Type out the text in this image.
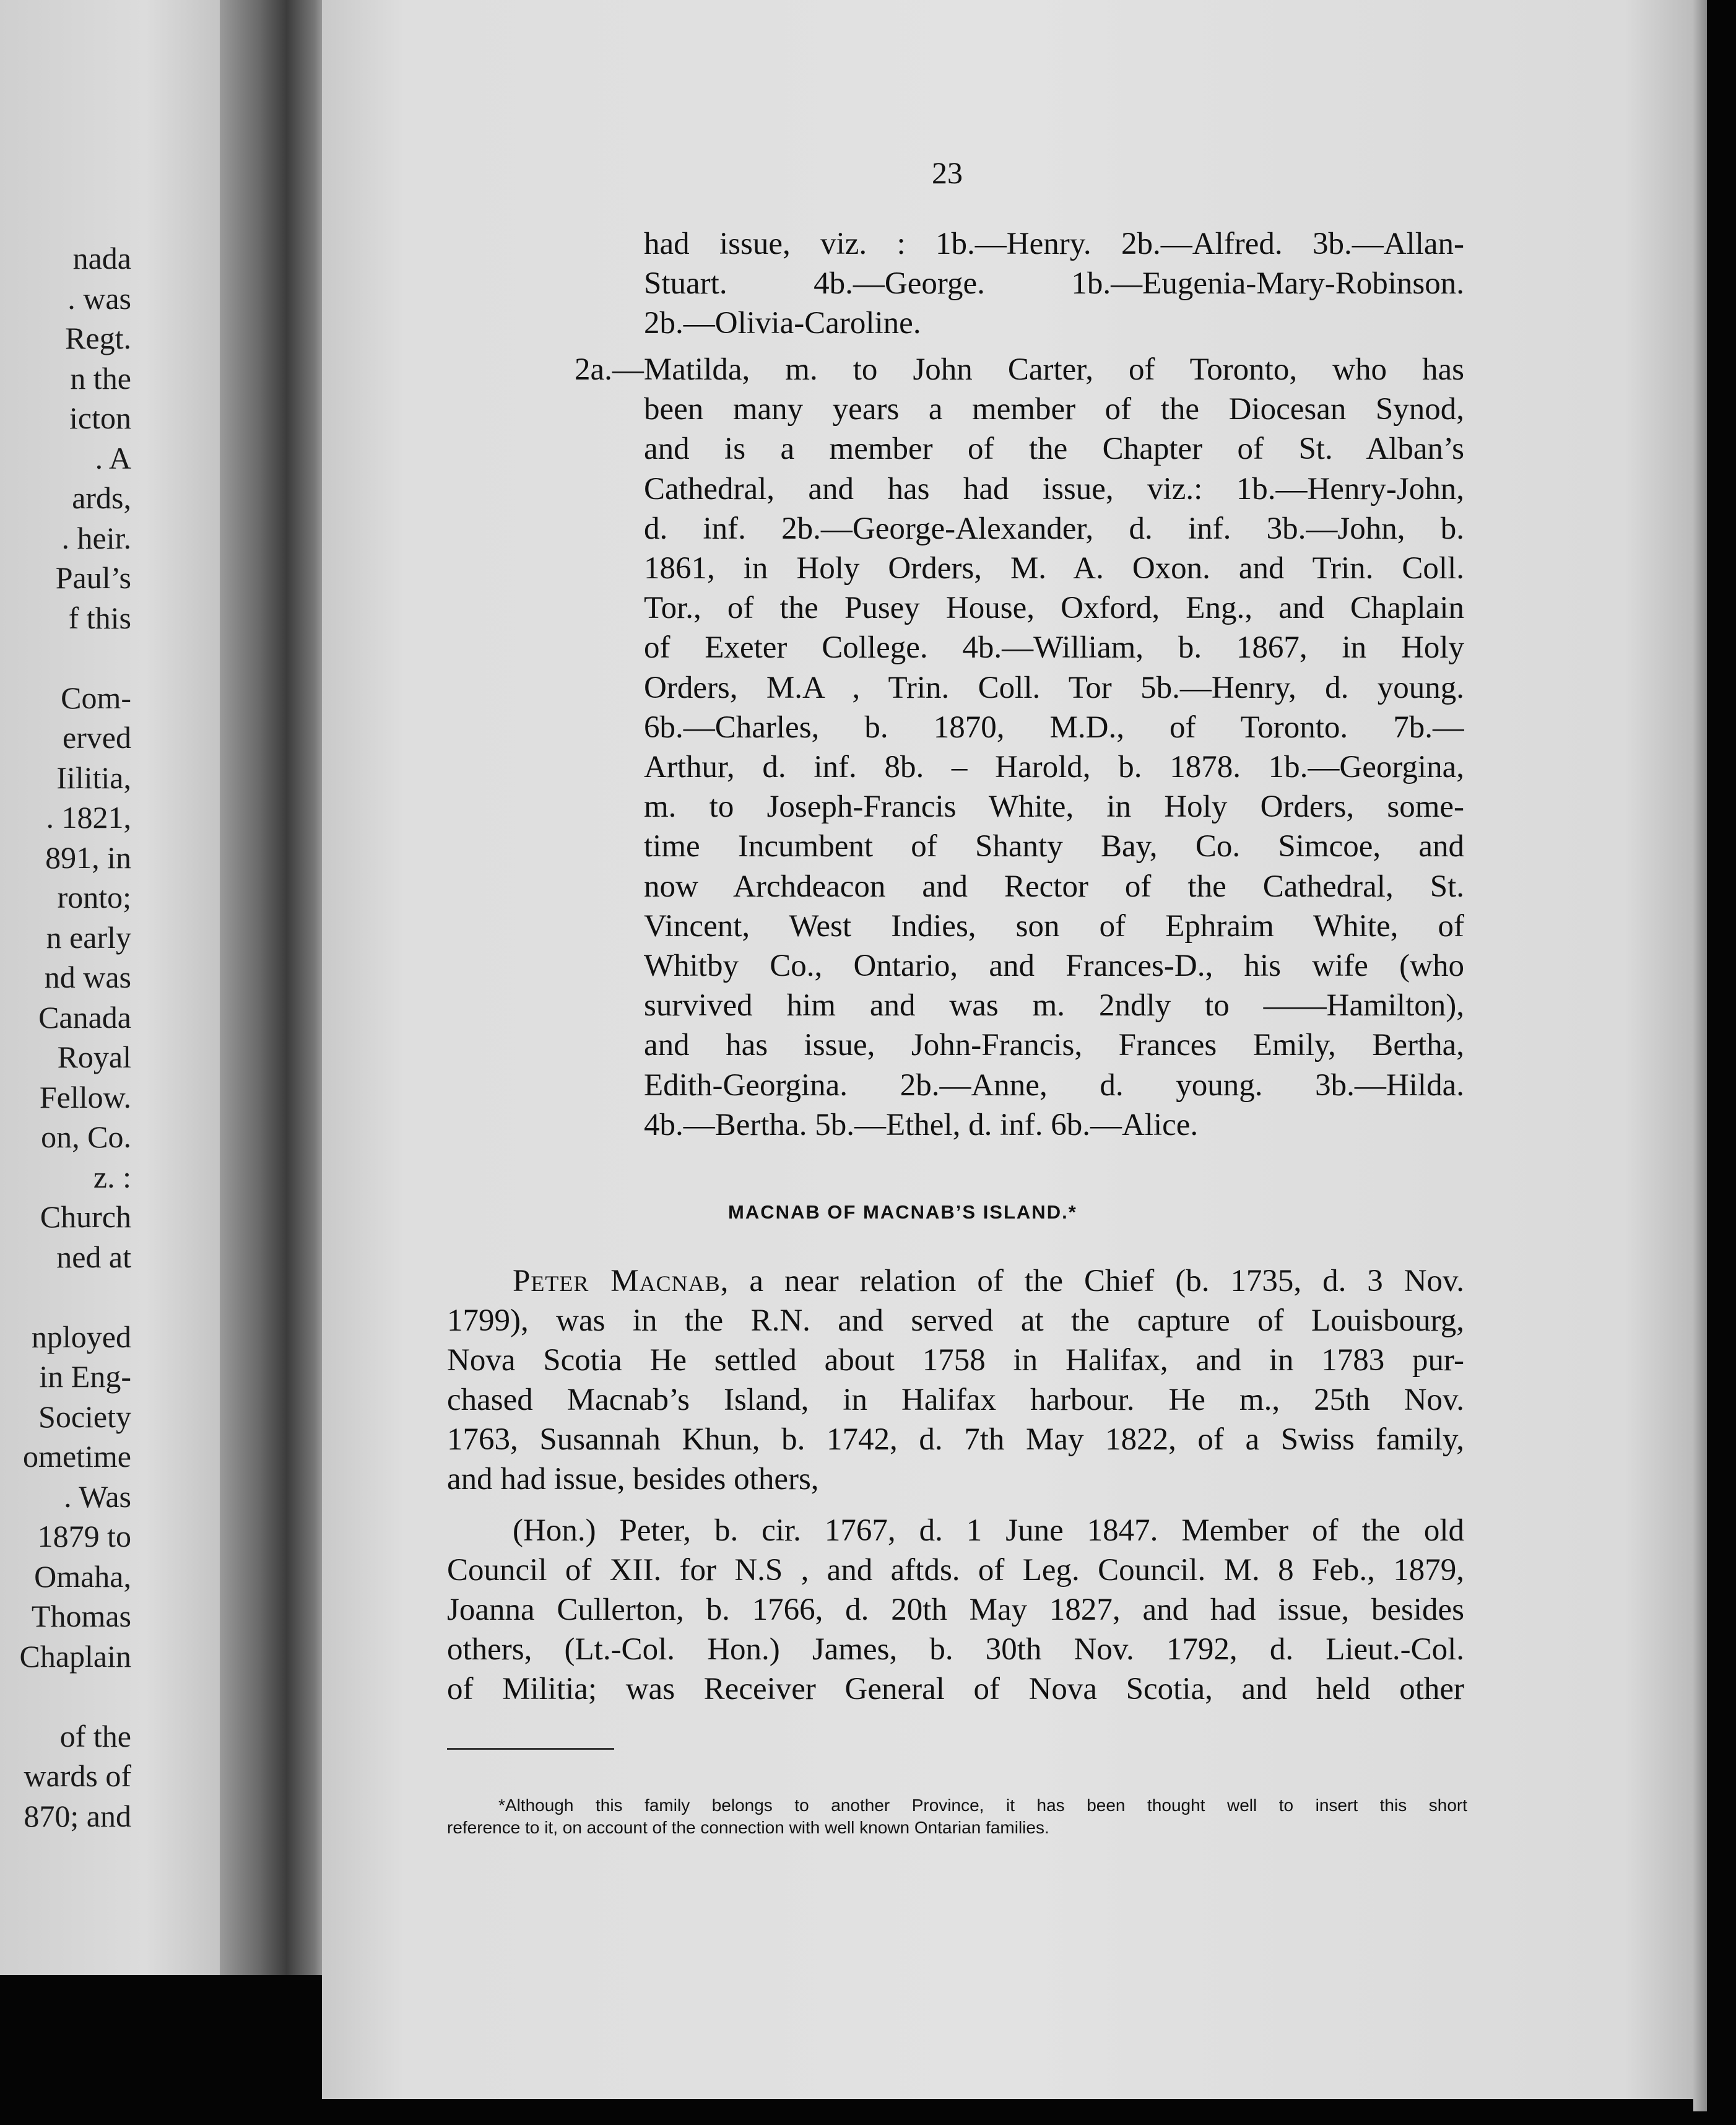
nada
. was
Regt.
n the
icton
. A
ards,
. heir.
Paul’s
f this
Com-
erved
Iilitia,
. 1821,
891, in
ronto;
n early
nd was
Canada
Royal
Fellow.
on, Co.
z. :
Church
ned at
nployed
in Eng-
Society
ometime
. Was
1879 to
Omaha,
Thomas
Chaplain
of the
wards of
870; and
23
had issue, viz. : 1b.—Henry. 2b.—Alfred. 3b.—Allan-
Stuart. 4b.—George. 1b.—Eugenia-Mary-Robinson.
2b.—Olivia-Caroline.
2a.—Matilda, m. to John Carter, of Toronto, who has
been many years a member of the Diocesan Synod,
and is a member of the Chapter of St. Alban’s
Cathedral, and has had issue, viz.: 1b.—Henry-John,
d. inf. 2b.—George-Alexander, d. inf. 3b.—John, b.
1861, in Holy Orders, M. A. Oxon. and Trin. Coll.
Tor., of the Pusey House, Oxford, Eng., and Chaplain
of Exeter College. 4b.—William, b. 1867, in Holy
Orders, M.A , Trin. Coll. Tor 5b.—Henry, d. young.
6b.—Charles, b. 1870, M.D., of Toronto. 7b.—
Arthur, d. inf. 8b. – Harold, b. 1878. 1b.—Georgina,
m. to Joseph-Francis White, in Holy Orders, some-
time Incumbent of Shanty Bay, Co. Simcoe, and
now Archdeacon and Rector of the Cathedral, St.
Vincent, West Indies, son of Ephraim White, of
Whitby Co., Ontario, and Frances-D., his wife (who
survived him and was m. 2ndly to ——Hamilton),
and has issue, John-Francis, Frances Emily, Bertha,
Edith-Georgina. 2b.—Anne, d. young. 3b.—Hilda.
4b.—Bertha. 5b.—Ethel, d. inf. 6b.—Alice.
MACNAB OF MACNAB’S ISLAND.*
Peter Macnab, a near relation of the Chief (b. 1735, d. 3 Nov.
1799), was in the R.N. and served at the capture of Louisbourg,
Nova Scotia He settled about 1758 in Halifax, and in 1783 pur-
chased Macnab’s Island, in Halifax harbour. He m., 25th Nov.
1763, Susannah Khun, b. 1742, d. 7th May 1822, of a Swiss family,
and had issue, besides others,
(Hon.) Peter, b. cir. 1767, d. 1 June 1847. Member of the old
Council of XII. for N.S , and aftds. of Leg. Council. M. 8 Feb., 1879,
Joanna Cullerton, b. 1766, d. 20th May 1827, and had issue, besides
others, (Lt.-Col. Hon.) James, b. 30th Nov. 1792, d. Lieut.-Col.
of Militia; was Receiver General of Nova Scotia, and held other
*Although this family belongs to another Province, it has been thought well to insert this short
reference to it, on account of the connection with well known Ontarian families.
